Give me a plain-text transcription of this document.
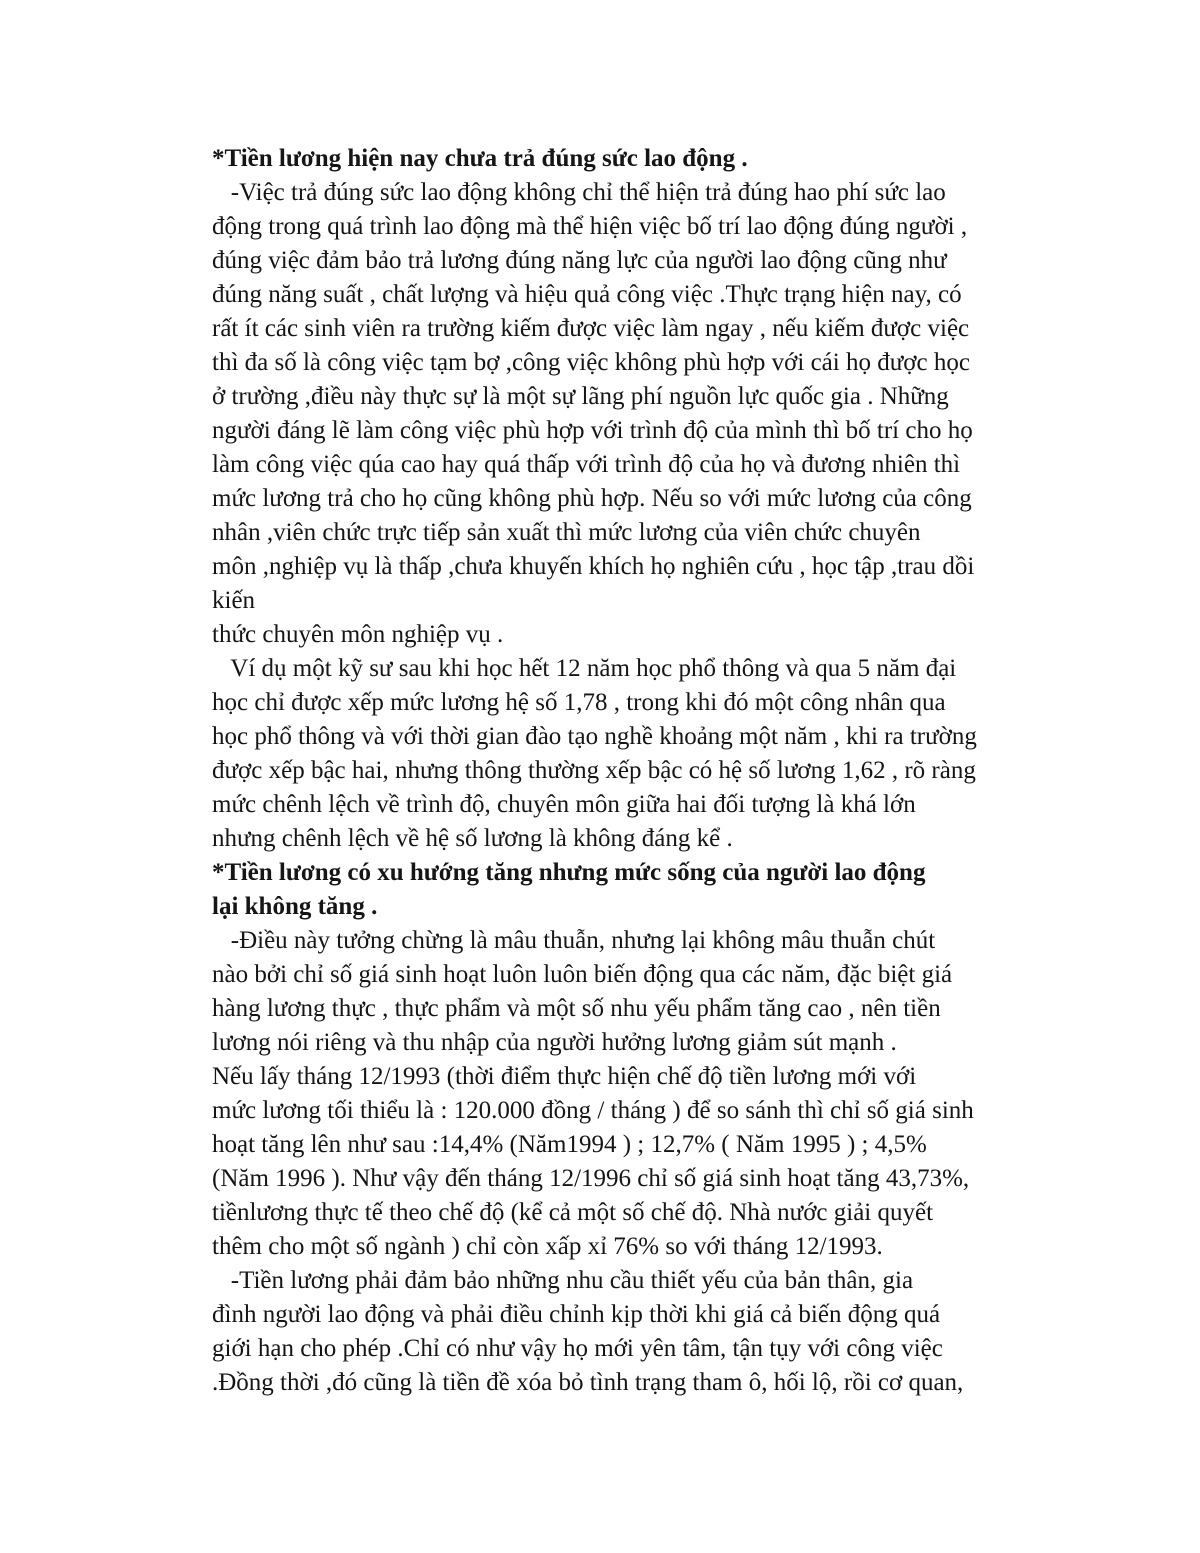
*Tiền lương hiện nay chưa trả đúng sức lao động .
-Việc trả đúng sức lao động không chỉ thể hiện trả đúng hao phí sức lao
động trong quá trình lao động mà thể hiện việc bố trí lao động đúng người ,
đúng việc đảm bảo trả lương đúng năng lực của người lao động cũng như
đúng năng suất , chất lượng và hiệu quả công việc .Thực trạng hiện nay, có
rất ít các sinh viên ra trường kiếm được việc làm ngay , nếu kiếm được việc
thì đa số là công việc tạm bợ ,công việc không phù hợp với cái họ được học
ở trường ,điều này thực sự là một sự lãng phí nguồn lực quốc gia . Những
người đáng lẽ làm công việc phù hợp với trình độ của mình thì bố trí cho họ
làm công việc qúa cao hay quá thấp với trình độ của họ và đương nhiên thì
mức lương trả cho họ cũng không phù hợp. Nếu so với mức lương của công
nhân ,viên chức trực tiếp sản xuất thì mức lương của viên chức chuyên
môn ,nghiệp vụ là thấp ,chưa khuyến khích họ nghiên cứu , học tập ,trau dồi
kiến
thức chuyên môn nghiệp vụ .
Ví dụ một kỹ sư sau khi học hết 12 năm học phổ thông và qua 5 năm đại
học chỉ được xếp mức lương hệ số 1,78 , trong khi đó một công nhân qua
học phổ thông và với thời gian đào tạo nghề khoảng một năm , khi ra trường
được xếp bậc hai, nhưng thông thường xếp bậc có hệ số lương 1,62 , rõ ràng
mức chênh lệch về trình độ, chuyên môn giữa hai đối tượng là khá lớn
nhưng chênh lệch về hệ số lương là không đáng kể .
*Tiền lương có xu hướng tăng nhưng mức sống của người lao động
lại không tăng .
-Điều này tưởng chừng là mâu thuẫn, nhưng lại không mâu thuẫn chút
nào bởi chỉ số giá sinh hoạt luôn luôn biến động qua các năm, đặc biệt giá
hàng lương thực , thực phẩm và một số nhu yếu phẩm tăng cao , nên tiền
lương nói riêng và thu nhập của người hưởng lương giảm sút mạnh .
Nếu lấy tháng 12/1993 (thời điểm thực hiện chế độ tiền lương mới với
mức lương tối thiểu là : 120.000 đồng / tháng ) để so sánh thì chỉ số giá sinh
hoạt tăng lên như sau :14,4% (Năm1994 ) ; 12,7% ( Năm 1995 ) ; 4,5%
(Năm 1996 ). Như vậy đến tháng 12/1996 chỉ số giá sinh hoạt tăng 43,73%,
tiềnlương thực tế theo chế độ (kể cả một số chế độ. Nhà nước giải quyết
thêm cho một số ngành ) chỉ còn xấp xỉ 76% so với tháng 12/1993.
-Tiền lương phải đảm bảo những nhu cầu thiết yếu của bản thân, gia
đình người lao động và phải điều chỉnh kịp thời khi giá cả biến động quá
giới hạn cho phép .Chỉ có như vậy họ mới yên tâm, tận tụy với công việc
.Đồng thời ,đó cũng là tiền đề xóa bỏ tình trạng tham ô, hối lộ, rồi cơ quan,
